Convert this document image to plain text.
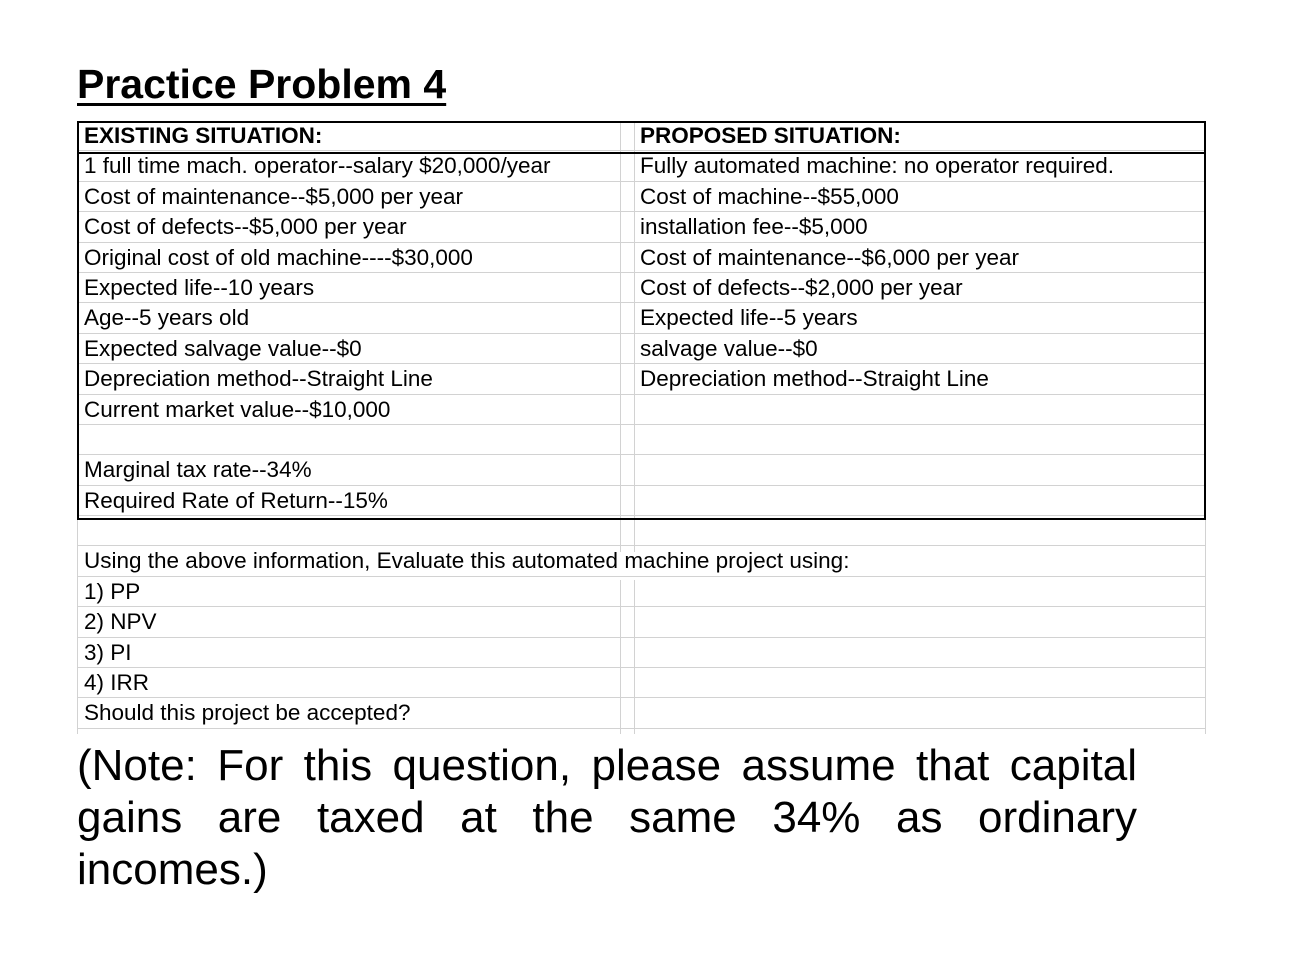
Practice Problem 4
EXISTING SITUATION:	PROPOSED SITUATION:
1 full time mach. operator--salary $20,000/year	Fully automated machine: no operator required.
Cost of maintenance--$5,000 per year	Cost of machine--$55,000
Cost of defects--$5,000 per year	installation fee--$5,000
Original cost of old machine----$30,000	Cost of maintenance--$6,000 per year
Expected life--10 years	Cost of defects--$2,000 per year
Age--5 years old	Expected life--5 years
Expected salvage value--$0	salvage value--$0
Depreciation method--Straight Line	Depreciation method--Straight Line
Current market value--$10,000
Marginal tax rate--34%
Required Rate of Return--15%
Using the above information, Evaluate this automated machine project using:
1) PP
2) NPV
3) PI
4) IRR
Should this project be accepted?
(Note: For this question, please assume that capital gains are taxed at the same 34% as ordinary incomes.)
